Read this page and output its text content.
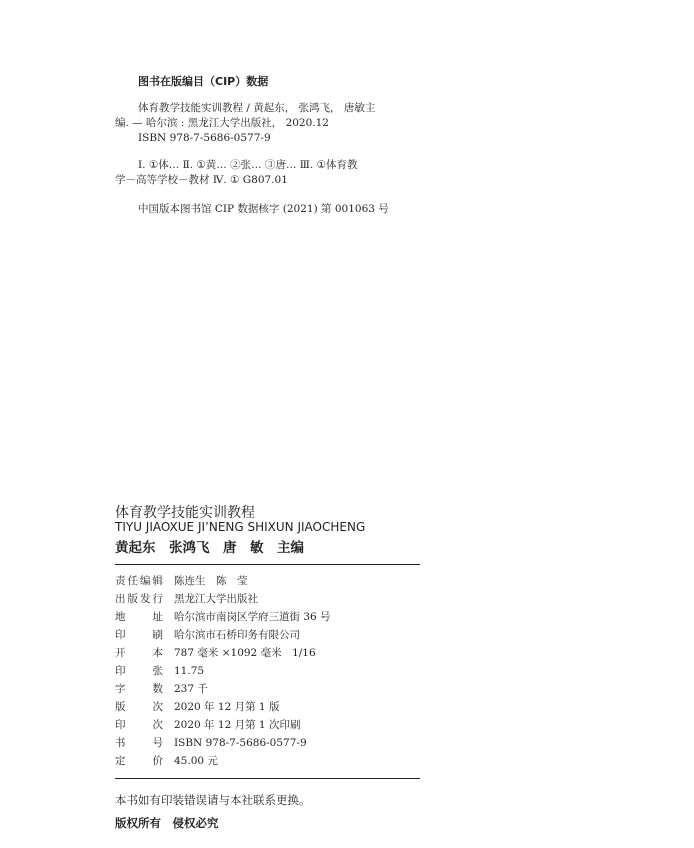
图书在版编目（CIP）数据
体育教学技能实训教程 / 黄起东， 张鸿飞， 唐敏主
编. — 哈尔滨 : 黑龙江大学出版社， 2020.12
ISBN 978-7-5686-0577-9
Ⅰ. ①体… Ⅱ. ①黄… ②张… ③唐… Ⅲ. ①体育教
学－高等学校－教材 Ⅳ. ① G807.01
中国版本图书馆 CIP 数据核字 (2021) 第 001063 号
体育教学技能实训教程
TIYU JIAOXUE JI’NENG SHIXUN JIAOCHENG
黄起东　张鸿飞　唐　敏　主编
责任编辑 陈连生　陈　莹
出版发行 黑龙江大学出版社
地址 哈尔滨市南岗区学府三道街 36 号
印刷 哈尔滨市石桥印务有限公司
开本 787 毫米 ×1092 毫米　1/16
印张 11.75
字数 237 千
版次 2020 年 12 月第 1 版
印次 2020 年 12 月第 1 次印刷
书号 ISBN 978-7-5686-0577-9
定价 45.00 元
本书如有印装错误请与本社联系更换。
版权所有　侵权必究
